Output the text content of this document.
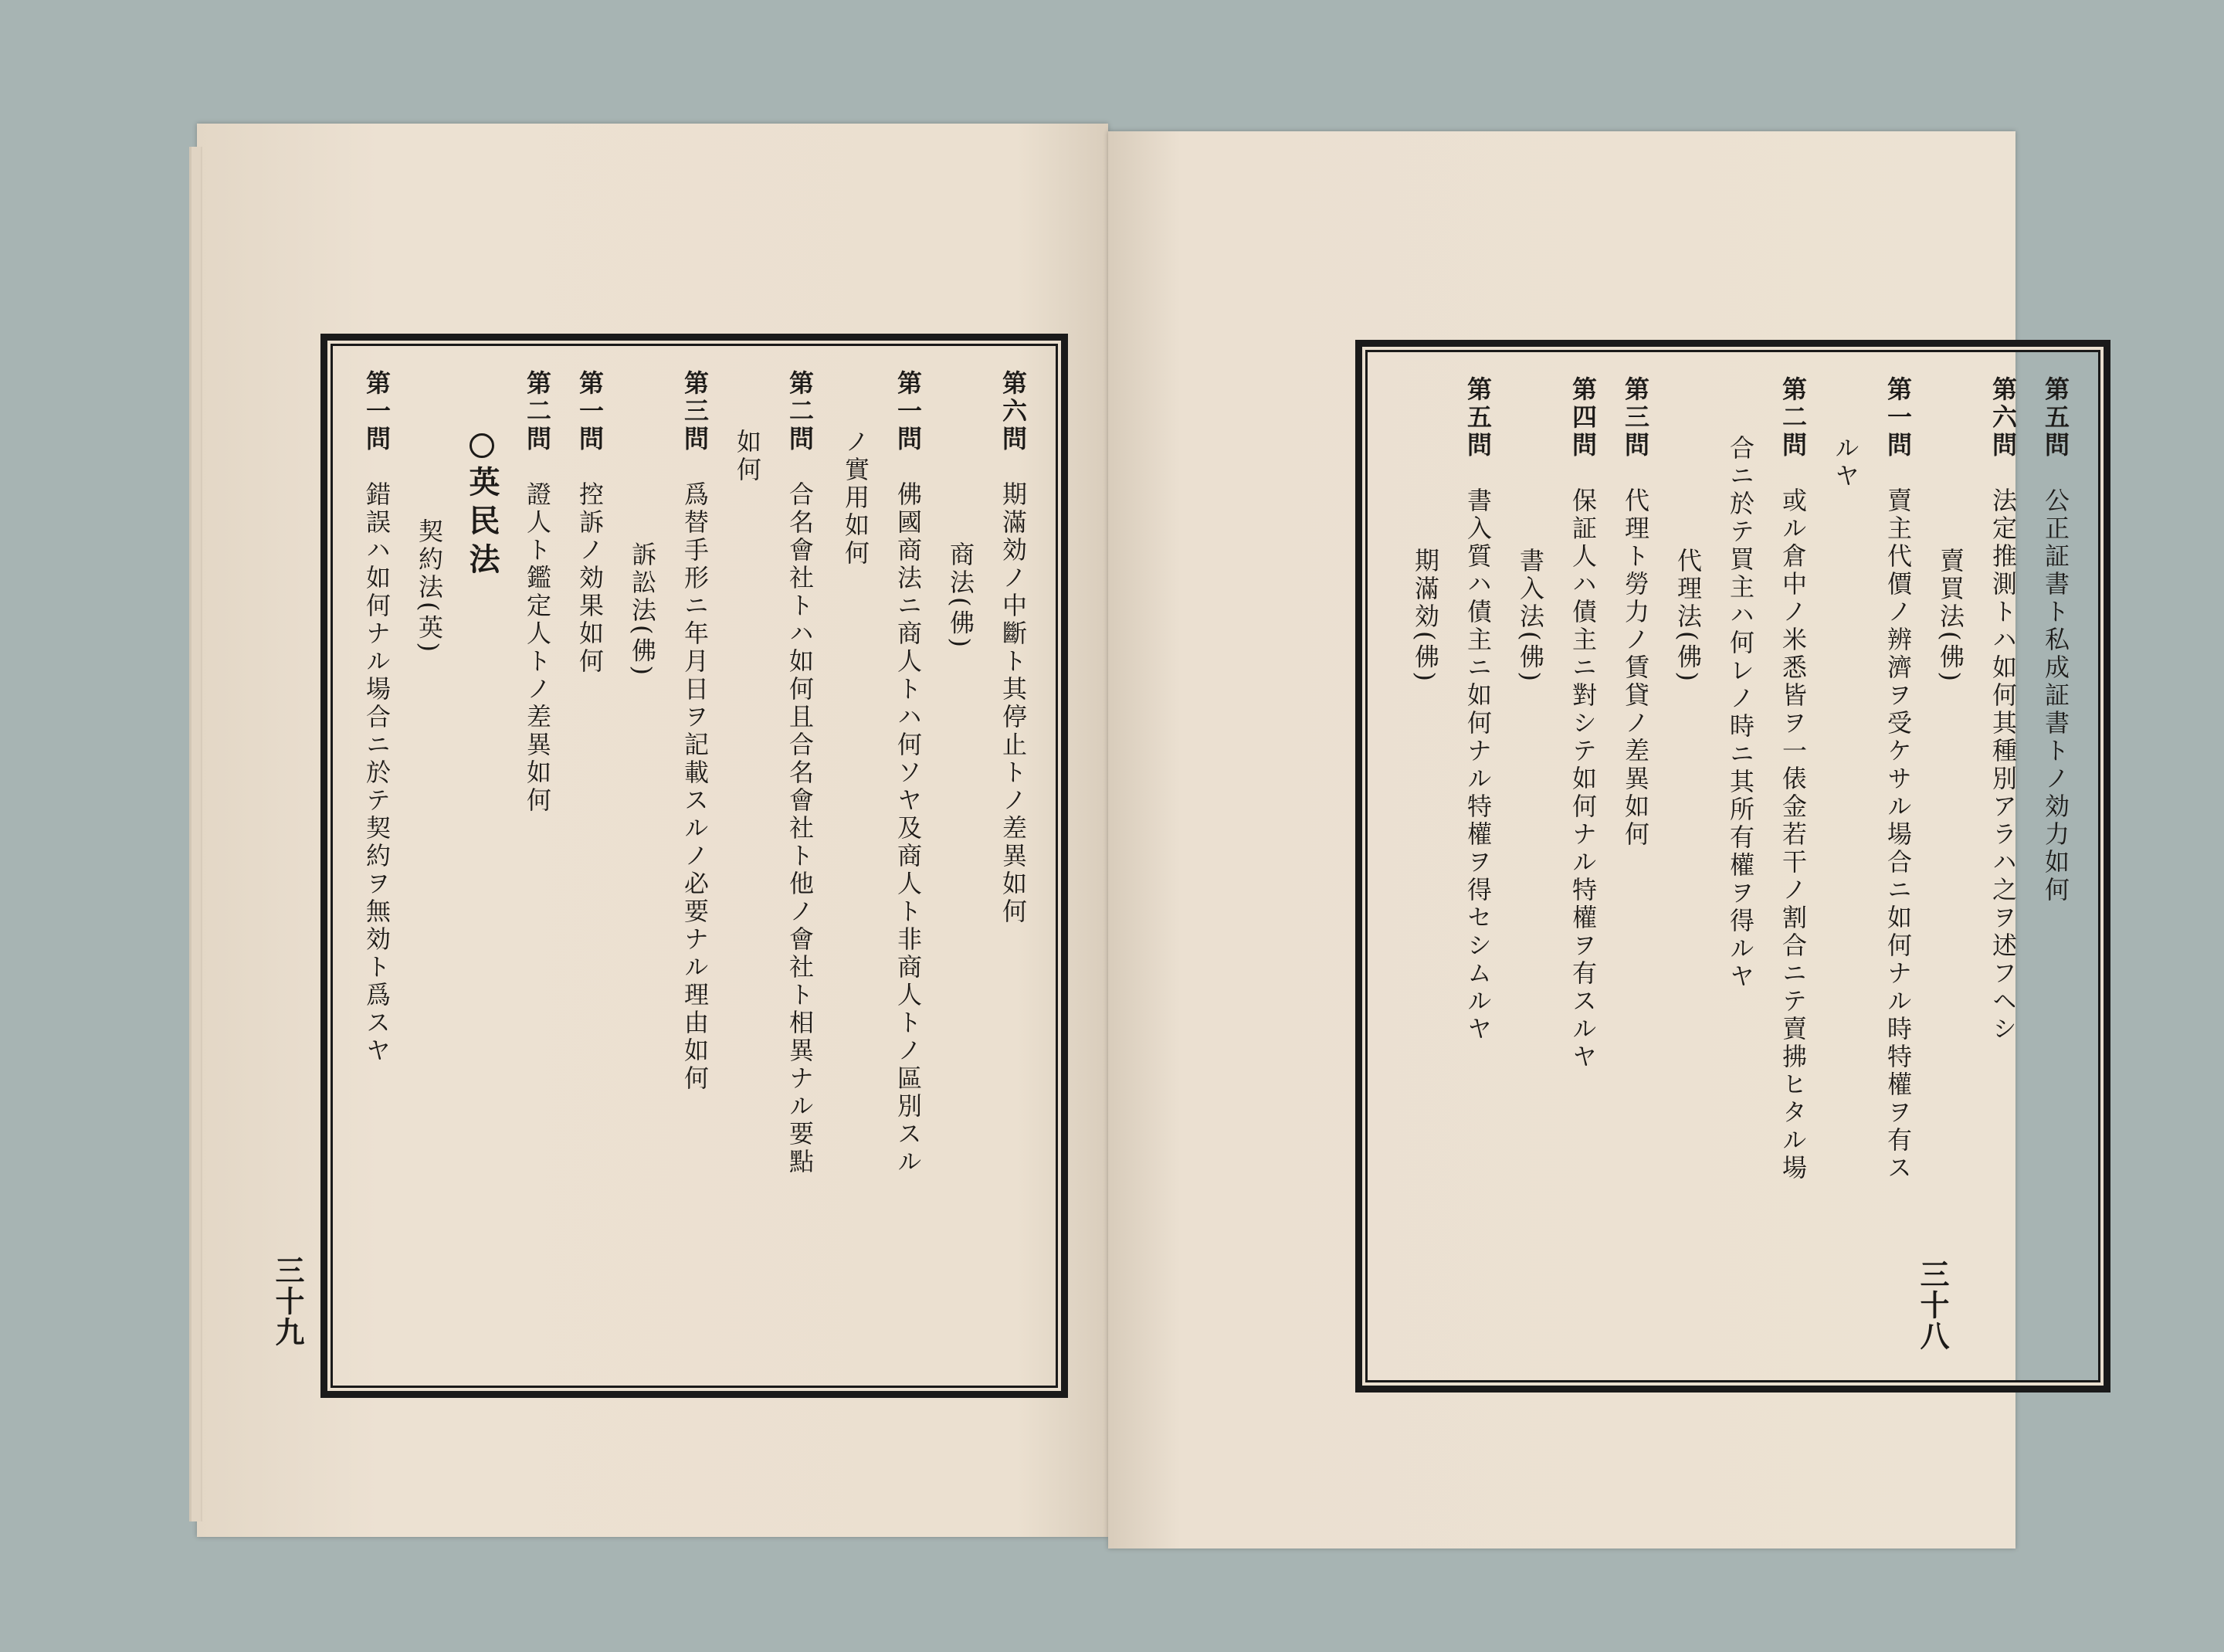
三十九	三十八
第六問期滿効ノ中斷ト其停止トノ差異如何
商法(佛)
第一問佛國商法ニ商人トハ何ソヤ及商人ト非商人トノ區別スル
ノ實用如何
第二問合名會社トハ如何且合名會社ト他ノ會社ト相異ナル要點
如何
第三問爲替手形ニ年月日ヲ記載スルノ必要ナル理由如何
訴訟法(佛)
第一問控訴ノ効果如何
第二問證人ト鑑定人トノ差異如何
英民法
契約法(英)
第一問錯誤ハ如何ナル場合ニ於テ契約ヲ無効ト爲スヤ
第五問公正証書ト私成証書トノ効力如何
第六問法定推測トハ如何其種別アラハ之ヲ述フヘシ
賣買法(佛)
第一問賣主代價ノ辨濟ヲ受ケサル場合ニ如何ナル時特權ヲ有ス
ルヤ
第二問或ル倉中ノ米悉皆ヲ一俵金若干ノ割合ニテ賣拂ヒタル場
合ニ於テ買主ハ何レノ時ニ其所有權ヲ得ルヤ
代理法(佛)
第三問代理ト勞力ノ賃貸ノ差異如何
第四問保証人ハ債主ニ對シテ如何ナル特權ヲ有スルヤ
書入法(佛)
第五問書入質ハ債主ニ如何ナル特權ヲ得セシムルヤ
期滿効(佛)
